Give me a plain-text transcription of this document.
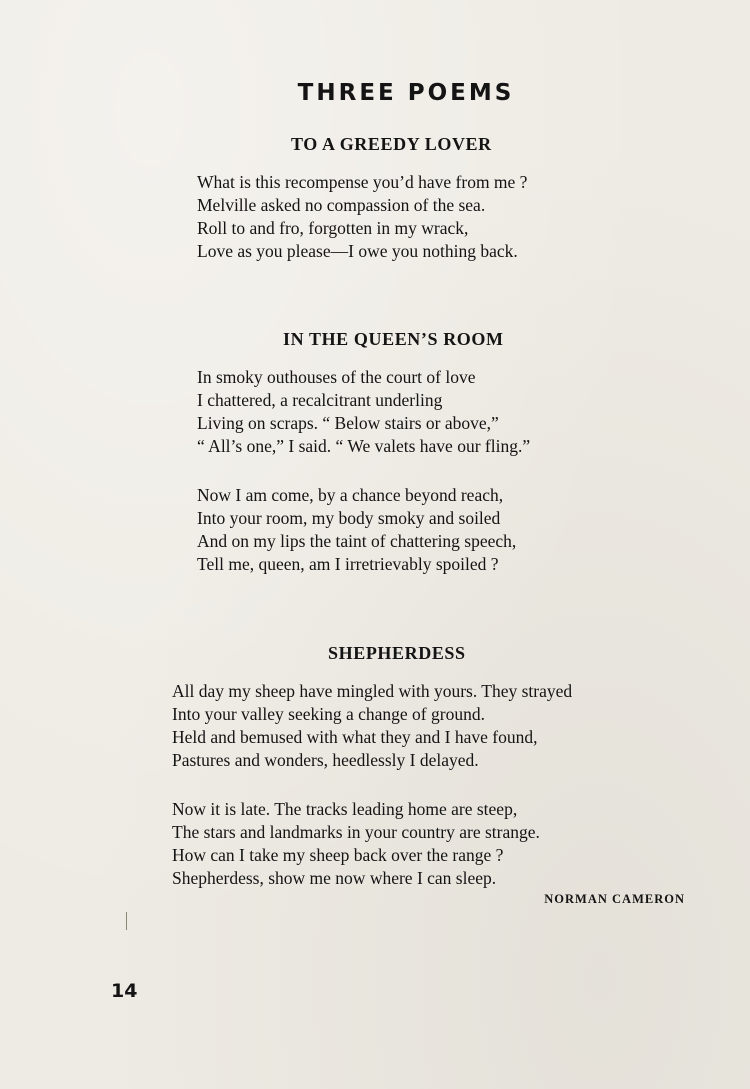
THREE POEMS
TO A GREEDY LOVER
What is this recompense you’d have from me ?
Melville asked no compassion of the sea.
Roll to and fro, forgotten in my wrack,
Love as you please—I owe you nothing back.
IN THE QUEEN’S ROOM
In smoky outhouses of the court of love
I chattered, a recalcitrant underling
Living on scraps. “ Below stairs or above,”
“ All’s one,” I said. “ We valets have our fling.”
Now I am come, by a chance beyond reach,
Into your room, my body smoky and soiled
And on my lips the taint of chattering speech,
Tell me, queen, am I irretrievably spoiled ?
SHEPHERDESS
All day my sheep have mingled with yours. They strayed
Into your valley seeking a change of ground.
Held and bemused with what they and I have found,
Pastures and wonders, heedlessly I delayed.
Now it is late. The tracks leading home are steep,
The stars and landmarks in your country are strange.
How can I take my sheep back over the range ?
Shepherdess, show me now where I can sleep.

NORMAN CAMERON

14
